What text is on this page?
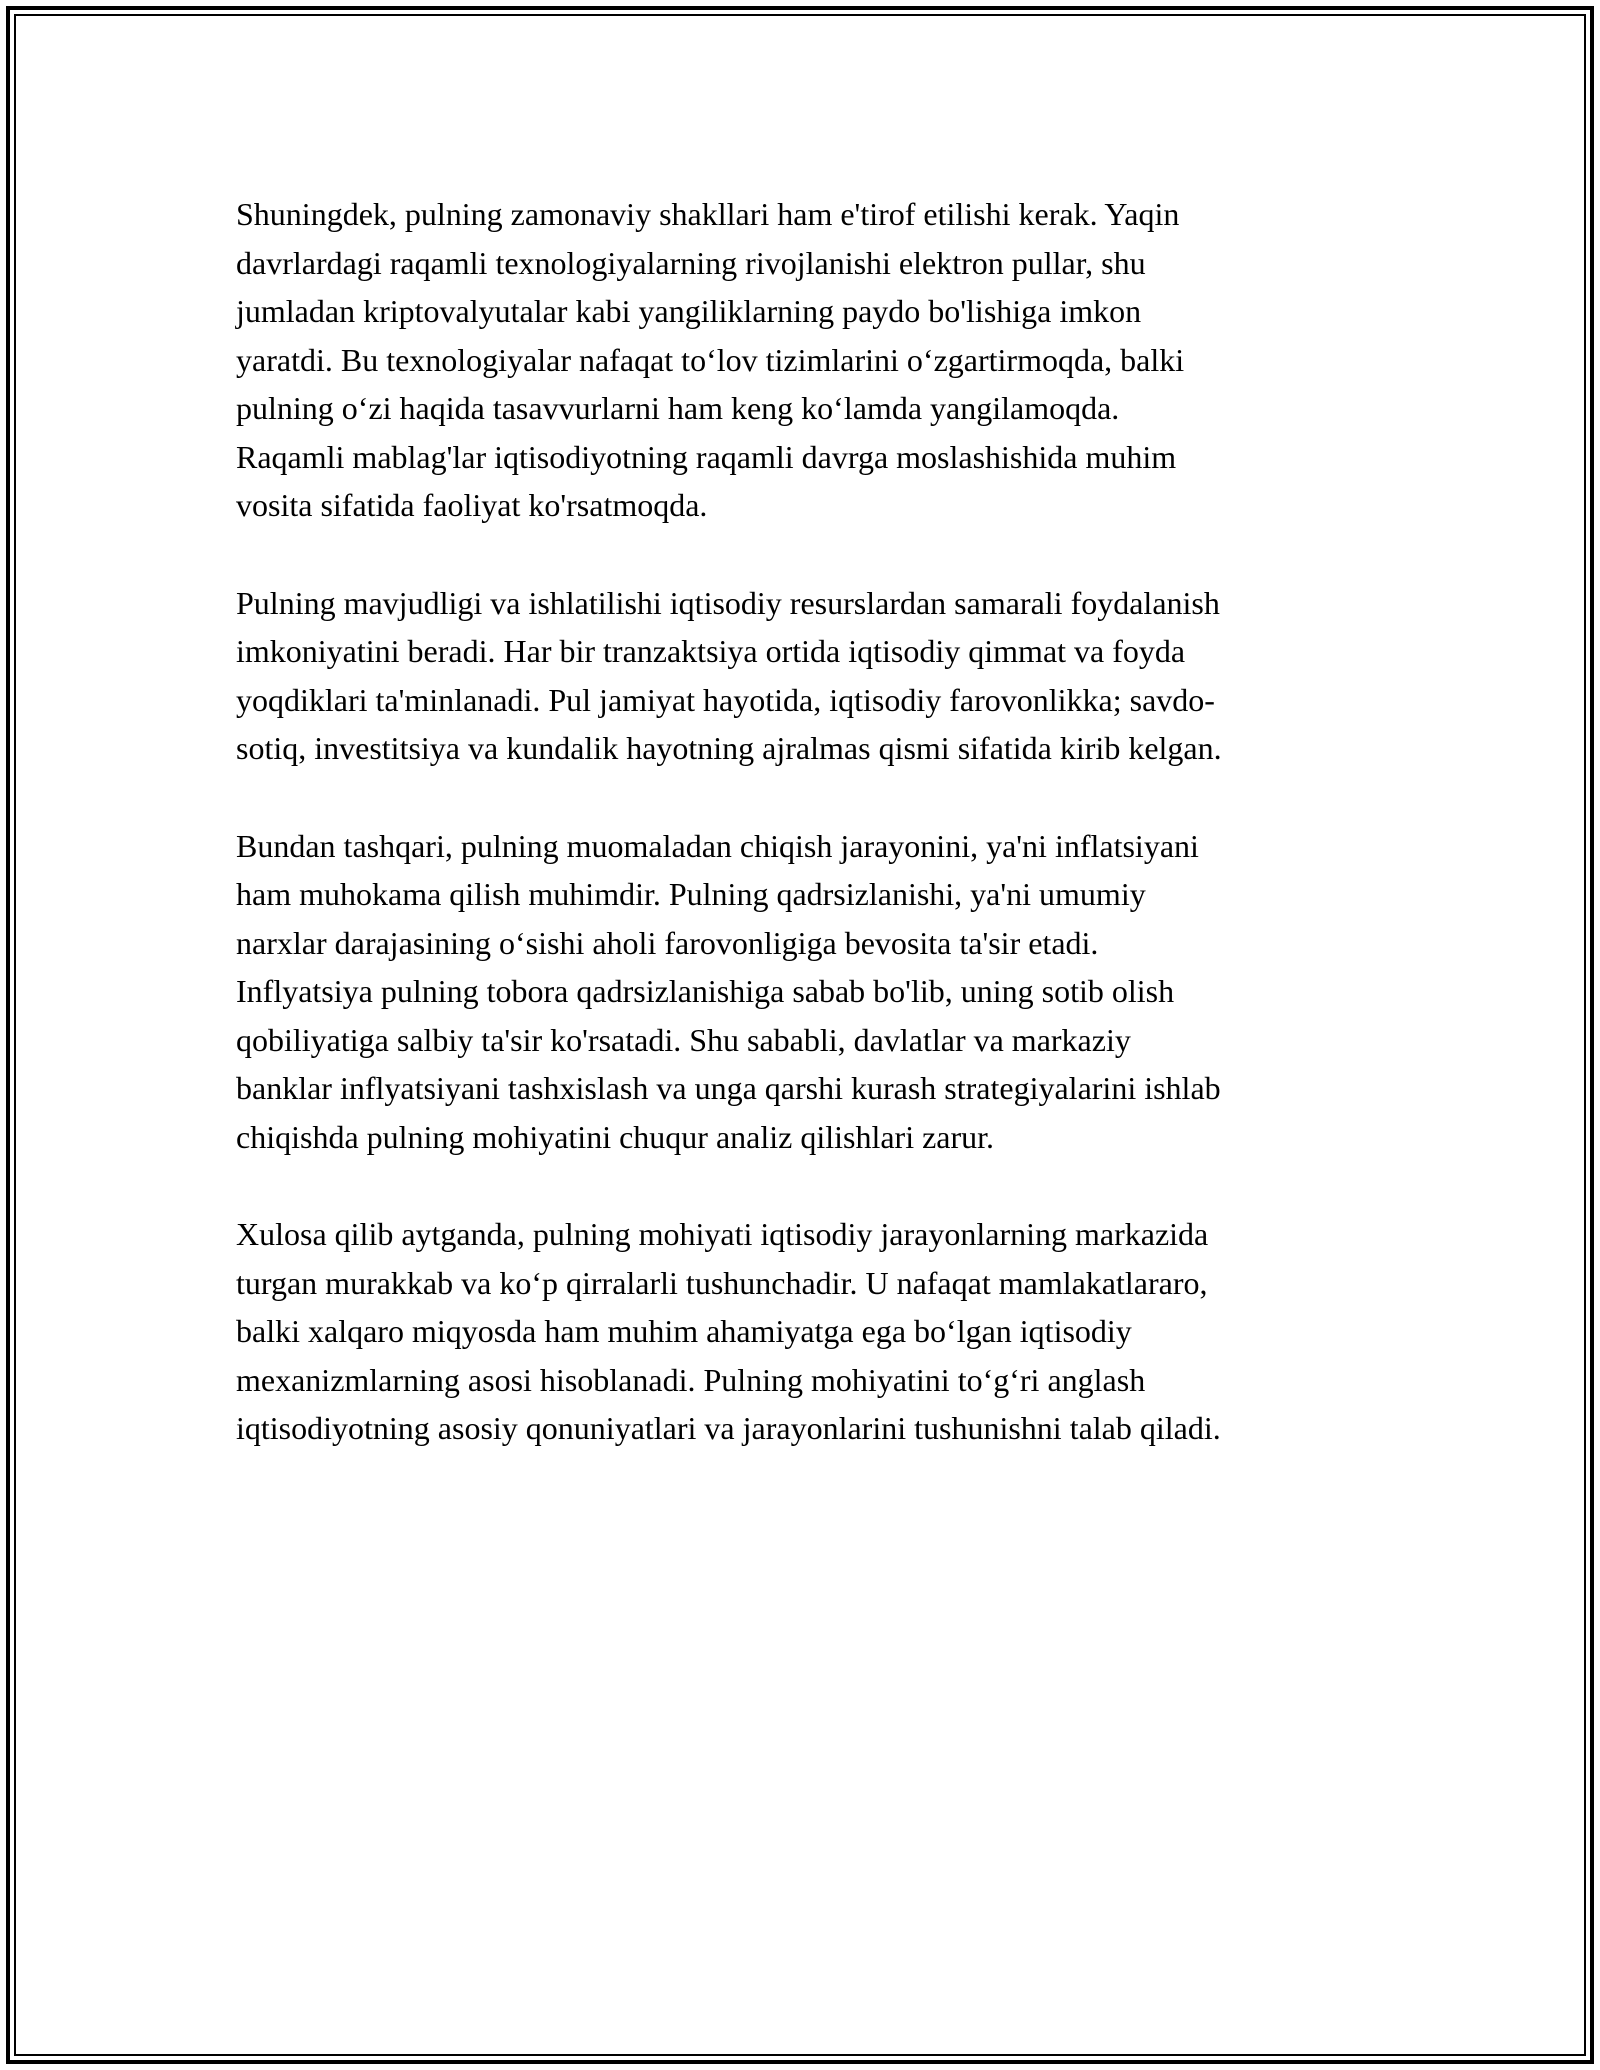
Shuningdek, pulning zamonaviy shakllari ham e'tirof etilishi kerak. Yaqin
davrlardagi raqamli texnologiyalarning rivojlanishi elektron pullar, shu
jumladan kriptovalyutalar kabi yangiliklarning paydo bo'lishiga imkon
yaratdi. Bu texnologiyalar nafaqat to‘lov tizimlarini o‘zgartirmoqda, balki
pulning o‘zi haqida tasavvurlarni ham keng ko‘lamda yangilamoqda.
Raqamli mablag'lar iqtisodiyotning raqamli davrga moslashishida muhim
vosita sifatida faoliyat ko'rsatmoqda.

Pulning mavjudligi va ishlatilishi iqtisodiy resurslardan samarali foydalanish
imkoniyatini beradi. Har bir tranzaktsiya ortida iqtisodiy qimmat va foyda
yoqdiklari ta'minlanadi. Pul jamiyat hayotida, iqtisodiy farovonlikka; savdo-
sotiq, investitsiya va kundalik hayotning ajralmas qismi sifatida kirib kelgan.

Bundan tashqari, pulning muomaladan chiqish jarayonini, ya'ni inflatsiyani
ham muhokama qilish muhimdir. Pulning qadrsizlanishi, ya'ni umumiy
narxlar darajasining o‘sishi aholi farovonligiga bevosita ta'sir etadi.
Inflyatsiya pulning tobora qadrsizlanishiga sabab bo'lib, uning sotib olish
qobiliyatiga salbiy ta'sir ko'rsatadi. Shu sababli, davlatlar va markaziy
banklar inflyatsiyani tashxislash va unga qarshi kurash strategiyalarini ishlab
chiqishda pulning mohiyatini chuqur analiz qilishlari zarur.

Xulosa qilib aytganda, pulning mohiyati iqtisodiy jarayonlarning markazida
turgan murakkab va ko‘p qirralarli tushunchadir. U nafaqat mamlakatlararo,
balki xalqaro miqyosda ham muhim ahamiyatga ega bo‘lgan iqtisodiy
mexanizmlarning asosi hisoblanadi. Pulning mohiyatini to‘g‘ri anglash
iqtisodiyotning asosiy qonuniyatlari va jarayonlarini tushunishni talab qiladi.
